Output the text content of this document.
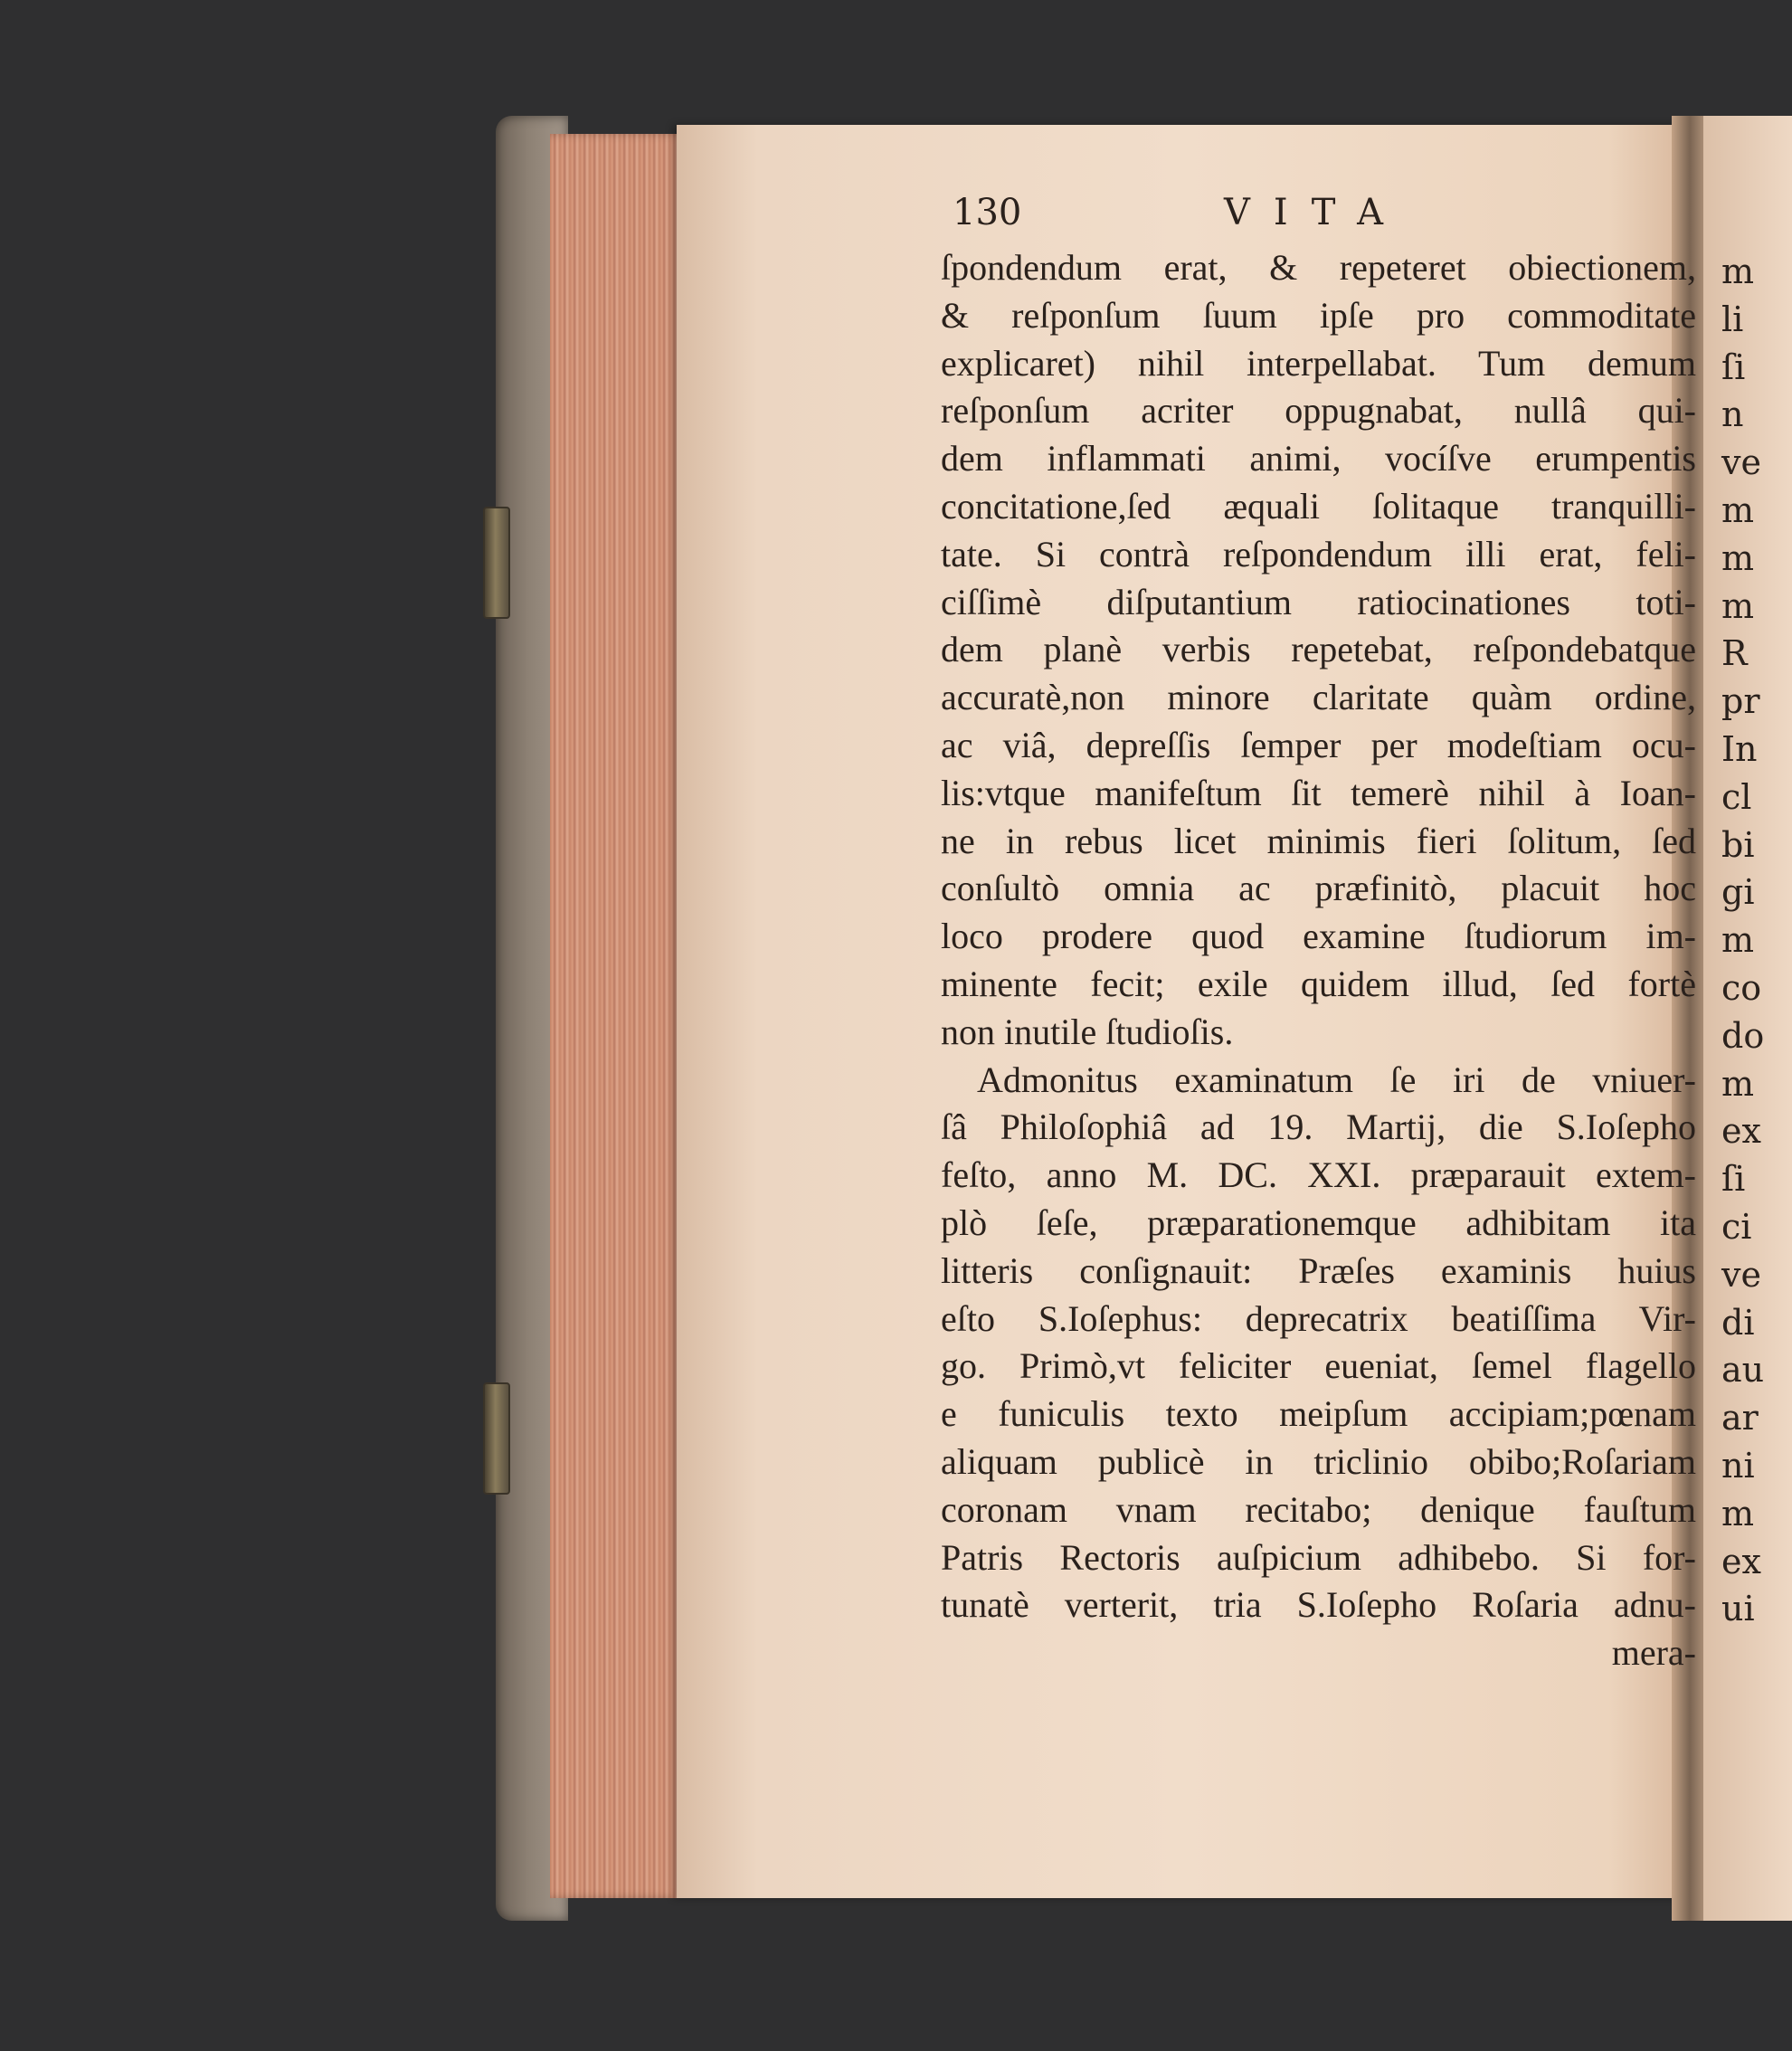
m
li
ſi
n
ve
m
m
m
R
pr
In
cl
bi
gi
m
co
do
m
ex
ſi
ci
ve
di
au
ar
ni
m
ex
ui
130	VITA
ſpondendum erat, & repeteret obiectionem,
& reſponſum ſuum ipſe pro commoditate
explicaret) nihil interpellabat. Tum demum
reſponſum acriter oppugnabat, nullâ qui-
dem inflammati animi, vocíſve erumpentis
concitatione,ſed æquali ſolitaque tranquilli-
tate. Si contrà reſpondendum illi erat, feli-
ciſſimè diſputantium ratiocinationes toti-
dem planè verbis repetebat, reſpondebatque
accuratè,non minore claritate quàm ordine,
ac viâ, depreſſis ſemper per modeſtiam ocu-
lis:vtque manifeſtum ſit temerè nihil à Ioan-
ne in rebus licet minimis fieri ſolitum, ſed
conſultò omnia ac præfinitò, placuit hoc
loco prodere quod examine ſtudiorum im-
minente fecit; exile quidem illud, ſed fortè
non inutile ſtudioſis.
Admonitus examinatum ſe iri de vniuer-
ſâ Philoſophiâ ad 19. Martij, die S.Ioſepho
feſto, anno M. DC. XXI. præparauit extem-
plò ſeſe, præparationemque adhibitam ita
litteris conſignauit: Præſes examinis huius
eſto S.Ioſephus: deprecatrix beatiſſima Vir-
go. Primò,vt feliciter eueniat, ſemel flagello
e funiculis texto meipſum accipiam;pœnam
aliquam publicè in triclinio obibo;Roſariam
coronam vnam recitabo; denique fauſtum
Patris Rectoris auſpicium adhibebo. Si for-
tunatè verterit, tria S.Ioſepho Roſaria adnu-
mera-
